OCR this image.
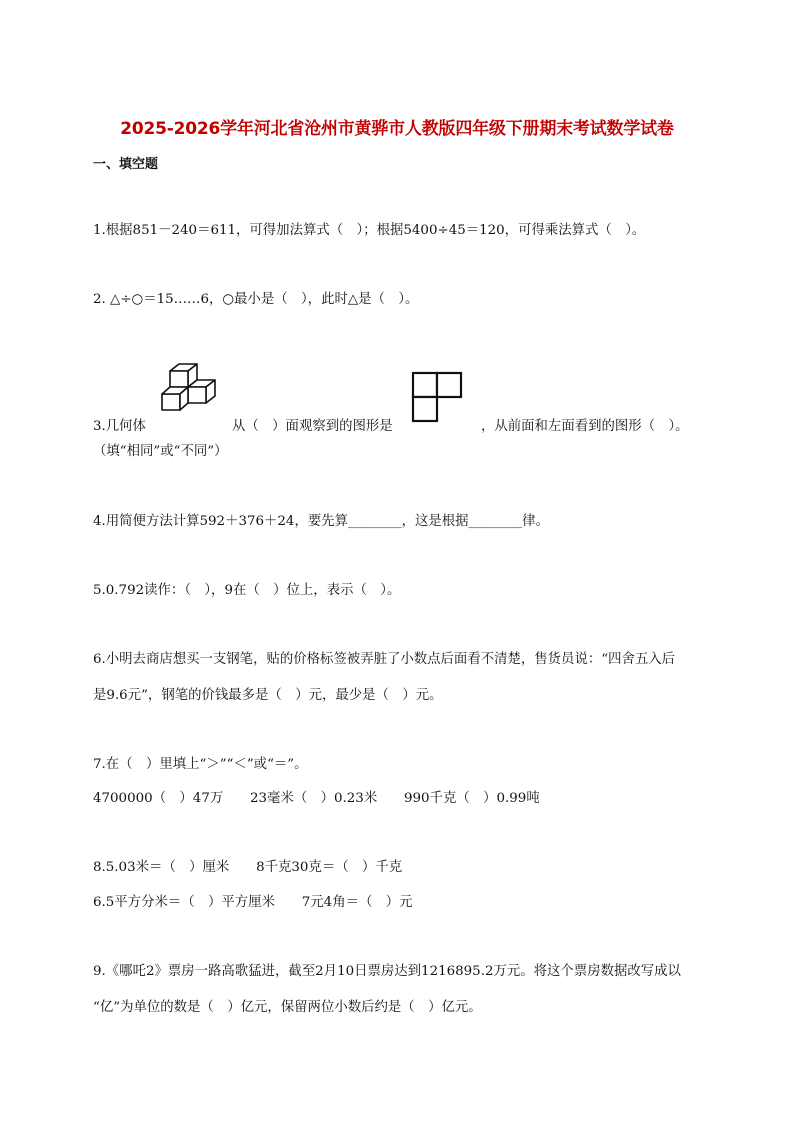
2025-2026学年河北省沧州市黄骅市人教版四年级下册期末考试数学试卷
一、填空题
1.根据851－240＝611，可得加法算式（　）；根据5400÷45＝120，可得乘法算式（　）。
2. △÷○＝15……6，○最小是（　），此时△是（　）。
3.几何体	从（　）面观察到的图形是	，从前面和左面看到的图形（　）。
（填“相同”或“不同”）
4.用简便方法计算592＋376＋24，要先算________，这是根据________律。
5.0.792读作：（　），9在（　）位上，表示（　）。
6.小明去商店想买一支钢笔，贴的价格标签被弄脏了小数点后面看不清楚，售货员说：“四舍五入后
是9.6元”，钢笔的价钱最多是（　）元，最少是（　）元。
7.在（　）里填上“＞”“＜”或“＝”。
4700000（　）47万　　23毫米（　）0.23米　　990千克（　）0.99吨
8.5.03米＝（　）厘米　　8千克30克＝（　）千克
6.5平方分米＝（　）平方厘米　　7元4角＝（　）元
9.《哪吒2》票房一路高歌猛进，截至2月10日票房达到1216895.2万元。将这个票房数据改写成以
“亿”为单位的数是（　）亿元，保留两位小数后约是（　）亿元。
